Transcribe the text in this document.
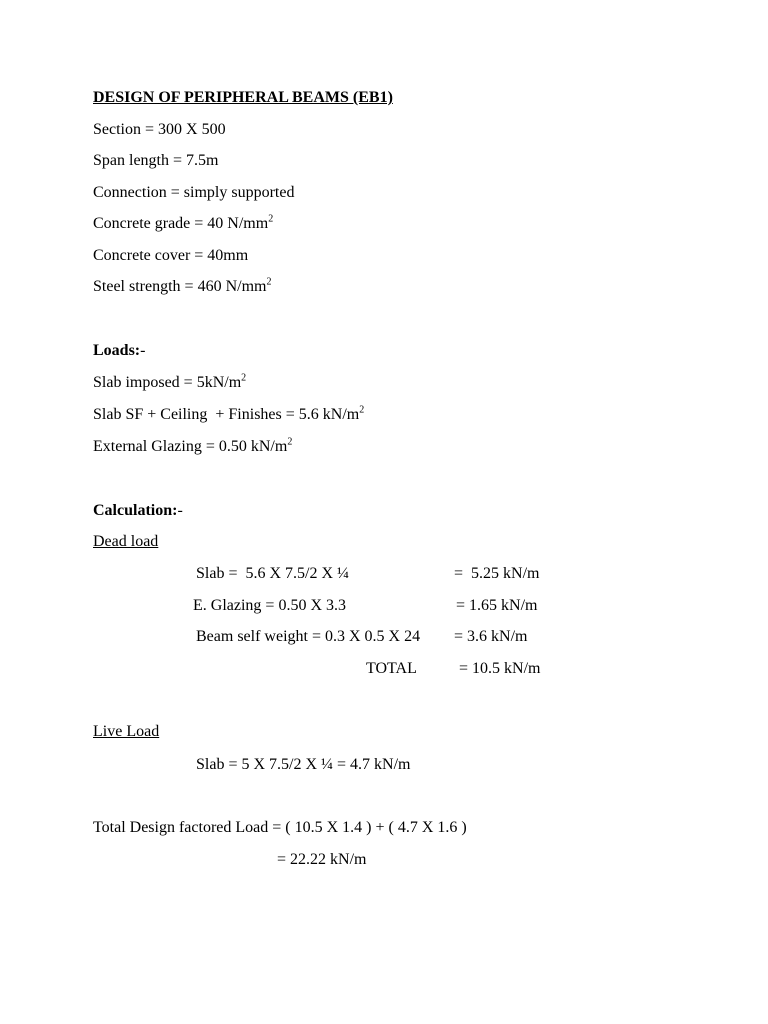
DESIGN OF PERIPHERAL BEAMS (EB1)
Section = 300 X 500
Span length = 7.5m
Connection = simply supported
Concrete grade = 40 $N/mm^2$
Concrete cover = 40mm
Steel strength = 460 $N/mm^2$
Loads:-
Slab imposed = $5kN/m^2$
Slab SF + Ceiling  + Finishes = 5.6 $kN/m^2$
External Glazing = 0.50 $kN/m^2$
Calculation:-
Dead load
Slab =  5.6 X 7.5/2 X ¼	=  5.25 kN/m
E. Glazing = 0.50 X 3.3	= 1.65 kN/m
Beam self weight = 0.3 X 0.5 X 24 = 3.6 kN/m
TOTAL	= 10.5 kN/m
Live Load
Slab = 5 X 7.5/2 X ¼ = 4.7 kN/m
Total Design factored Load = ( 10.5 X 1.4 ) + ( 4.7 X 1.6 )
= 22.22 kN/m
